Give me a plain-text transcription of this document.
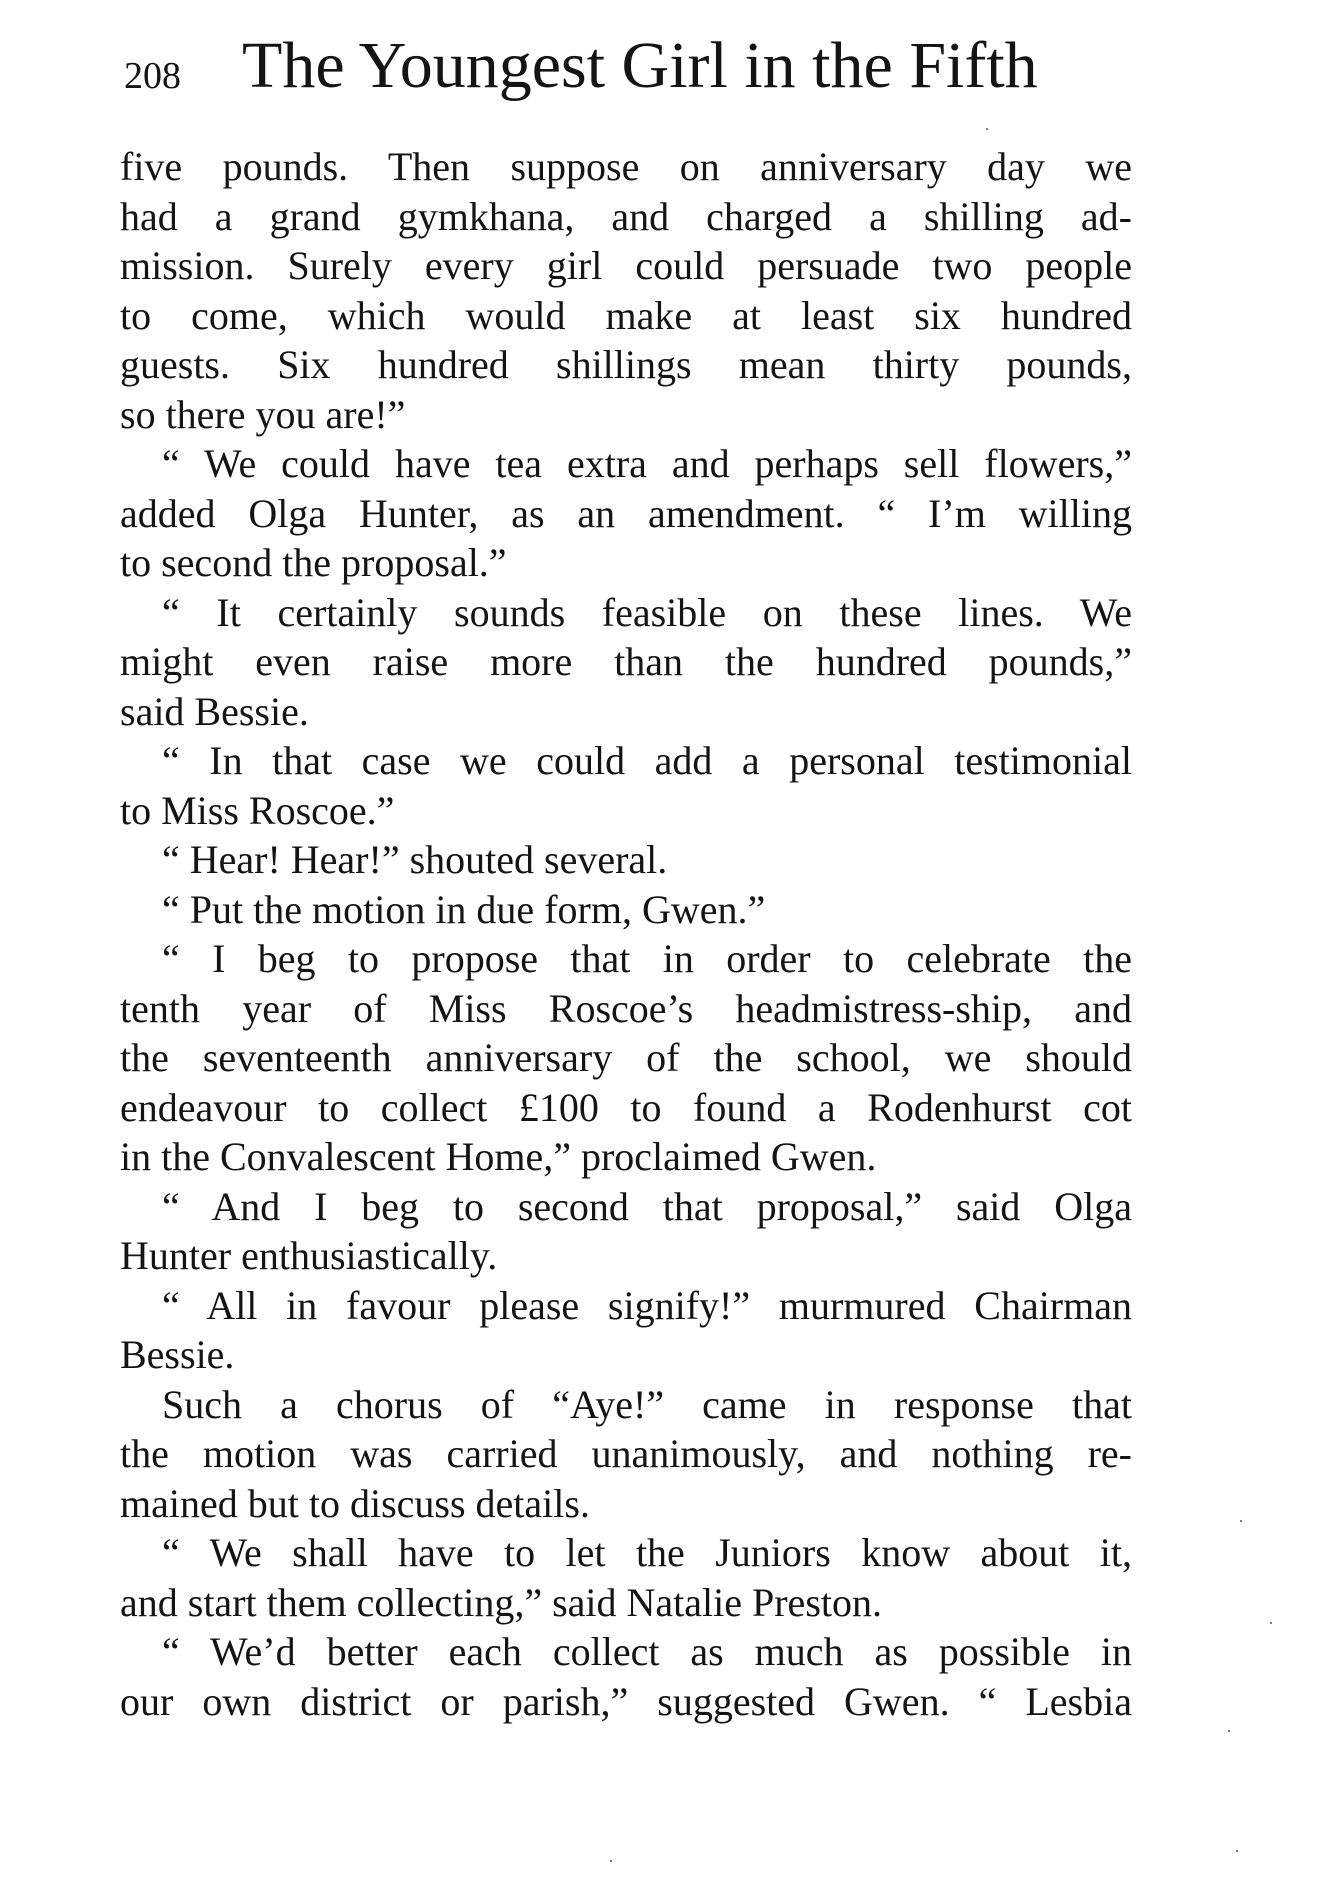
208 The Youngest Girl in the Fifth
five pounds. Then suppose on anniversary day we
had a grand gymkhana, and charged a shilling ad-
mission. Surely every girl could persuade two people
to come, which would make at least six hundred
guests. Six hundred shillings mean thirty pounds,
so there you are!”
“ We could have tea extra and perhaps sell flowers,”
added Olga Hunter, as an amendment. “ I’m willing
to second the proposal.”
“ It certainly sounds feasible on these lines. We
might even raise more than the hundred pounds,”
said Bessie.
“ In that case we could add a personal testimonial
to Miss Roscoe.”
“ Hear! Hear!” shouted several.
“ Put the motion in due form, Gwen.”
“ I beg to propose that in order to celebrate the
tenth year of Miss Roscoe’s headmistress-ship, and
the seventeenth anniversary of the school, we should
endeavour to collect £100 to found a Rodenhurst cot
in the Convalescent Home,” proclaimed Gwen.
“ And I beg to second that proposal,” said Olga
Hunter enthusiastically.
“ All in favour please signify!” murmured Chairman
Bessie.
Such a chorus of “Aye!” came in response that
the motion was carried unanimously, and nothing re-
mained but to discuss details.
“ We shall have to let the Juniors know about it,
and start them collecting,” said Natalie Preston.
“ We’d better each collect as much as possible in
our own district or parish,” suggested Gwen. “ Lesbia
